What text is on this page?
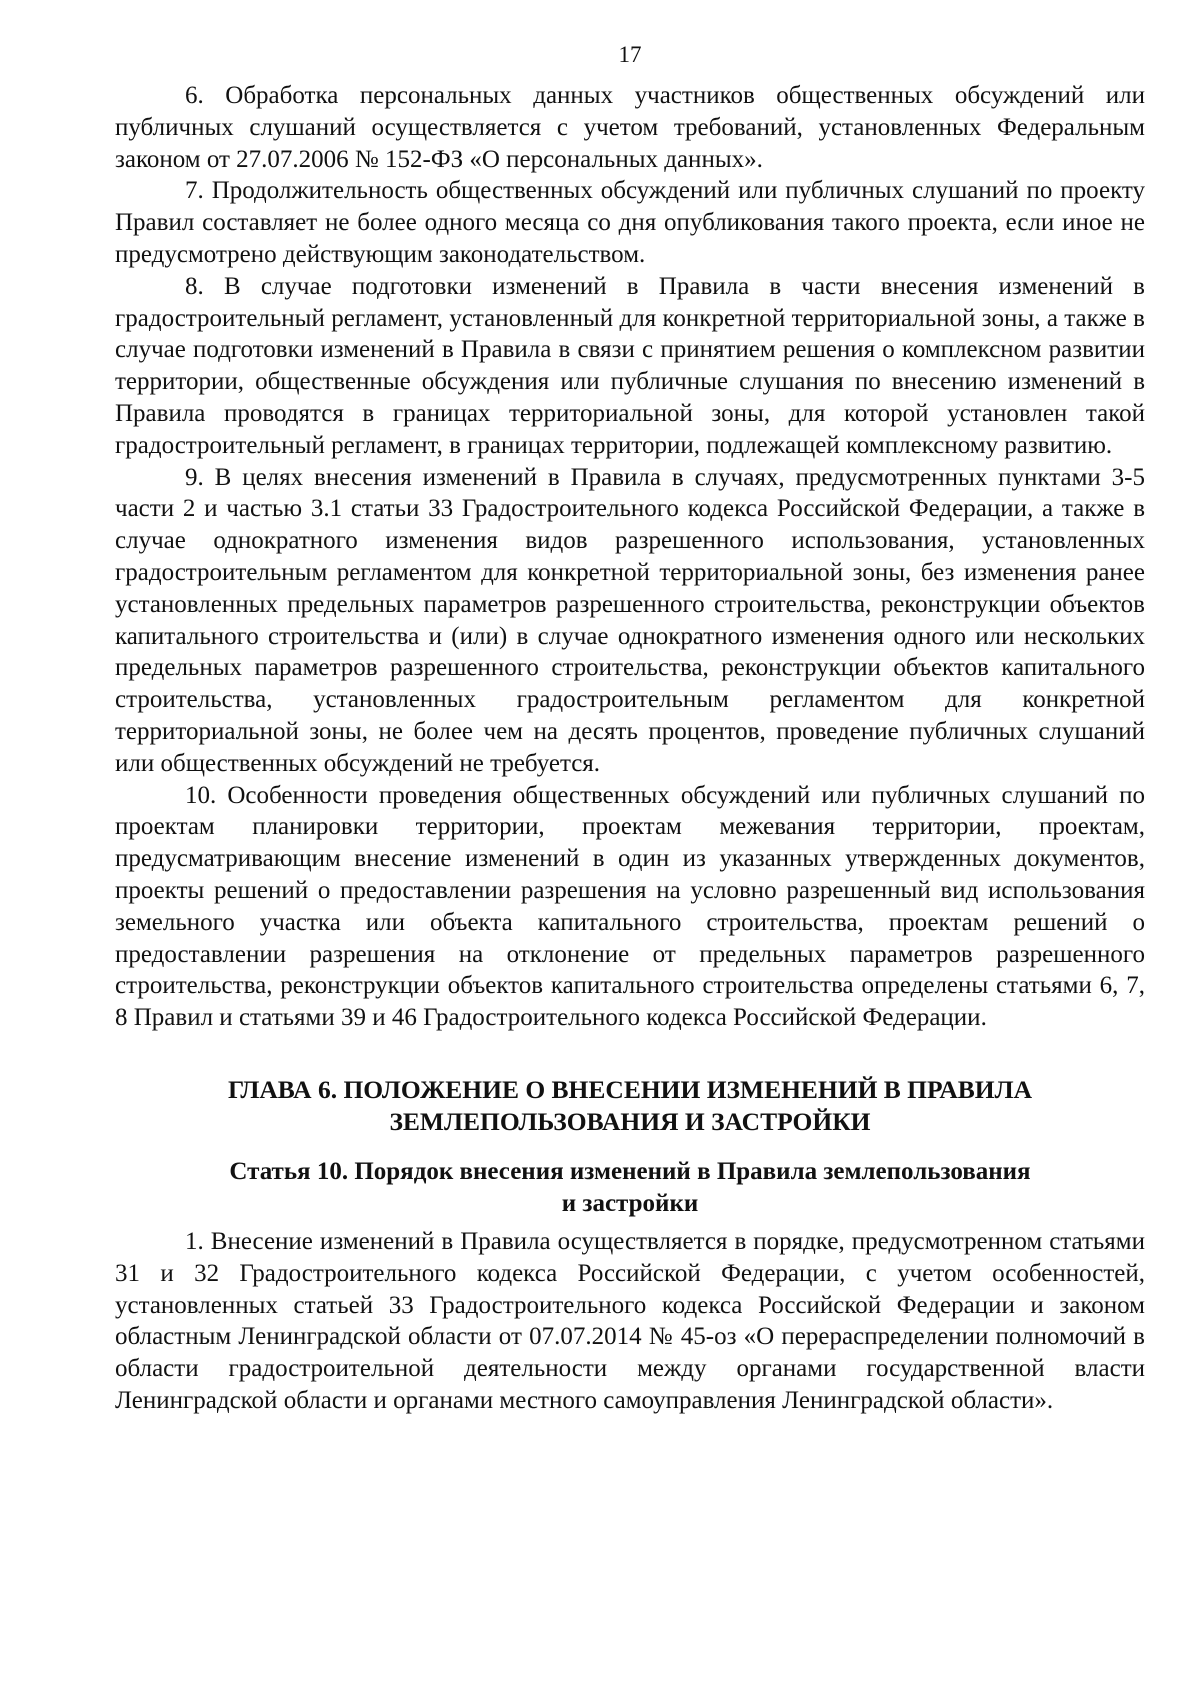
17

6. Обработка персональных данных участников общественных обсуждений или публичных слушаний осуществляется с учетом требований, установленных Федеральным законом от 27.07.2006 № 152-ФЗ «О персональных данных».

7. Продолжительность общественных обсуждений или публичных слушаний по проекту Правил составляет не более одного месяца со дня опубликования такого проекта, если иное не предусмотрено действующим законодательством.

8. В случае подготовки изменений в Правила в части внесения изменений в градостроительный регламент, установленный для конкретной территориальной зоны, а также в случае подготовки изменений в Правила в связи с принятием решения о комплексном развитии территории, общественные обсуждения или публичные слушания по внесению изменений в Правила проводятся в границах территориальной зоны, для которой установлен такой градостроительный регламент, в границах территории, подлежащей комплексному развитию.

9. В целях внесения изменений в Правила в случаях, предусмотренных пунктами 3-5 части 2 и частью 3.1 статьи 33 Градостроительного кодекса Российской Федерации, а также в случае однократного изменения видов разрешенного использования, установленных градостроительным регламентом для конкретной территориальной зоны, без изменения ранее установленных предельных параметров разрешенного строительства, реконструкции объектов капитального строительства и (или) в случае однократного изменения одного или нескольких предельных параметров разрешенного строительства, реконструкции объектов капитального строительства, установленных градостроительным регламентом для конкретной территориальной зоны, не более чем на десять процентов, проведение публичных слушаний или общественных обсуждений не требуется.

10. Особенности проведения общественных обсуждений или публичных слушаний по проектам планировки территории, проектам межевания территории, проектам, предусматривающим внесение изменений в один из указанных утвержденных документов, проекты решений о предоставлении разрешения на условно разрешенный вид использования земельного участка или объекта капитального строительства, проектам решений о предоставлении разрешения на отклонение от предельных параметров разрешенного строительства, реконструкции объектов капитального строительства определены статьями 6, 7, 8 Правил и статьями 39 и 46 Градостроительного кодекса Российской Федерации.

ГЛАВА 6. ПОЛОЖЕНИЕ О ВНЕСЕНИИ ИЗМЕНЕНИЙ В ПРАВИЛА
ЗЕМЛЕПОЛЬЗОВАНИЯ И ЗАСТРОЙКИ
Статья 10. Порядок внесения изменений в Правила землепользования
и застройки

1. Внесение изменений в Правила осуществляется в порядке, предусмотренном статьями 31 и 32 Градостроительного кодекса Российской Федерации, с учетом особенностей, установленных статьей 33 Градостроительного кодекса Российской Федерации и законом областным Ленинградской области от 07.07.2014 № 45-оз «О перераспределении полномочий в области градостроительной деятельности между органами государственной власти Ленинградской области и органами местного самоуправления Ленинградской области».
